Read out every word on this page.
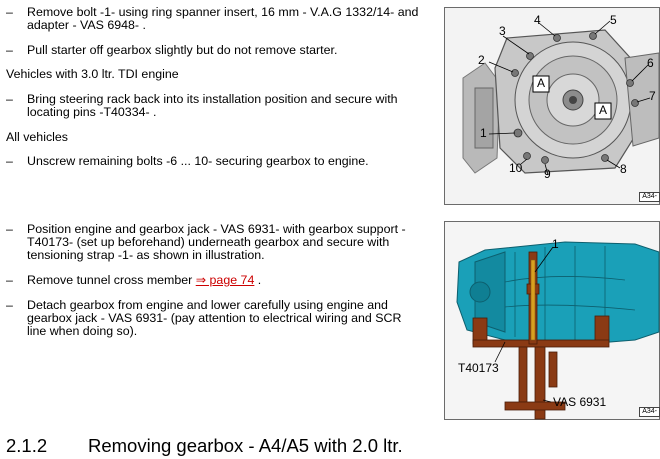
– Remove bolt -1- using ring spanner insert, 16 mm - V.A.G 1332/14- and adapter - VAS 6948- .
– Pull starter off gearbox slightly but do not remove starter.
Vehicles with 3.0 ltr. TDI engine
– Bring steering rack back into its installation position and secure with locating pins -T40334- .
All vehicles
– Unscrew remaining bolts -6 ... 10- securing gearbox to engine.
– Position engine and gearbox jack - VAS 6931- with gearbox support - T40173- (set up beforehand) underneath gearbox and secure with tensioning strap -1- as shown in illustration.
– Remove tunnel cross member ⇒ page 74 .
– Detach gearbox from engine and lower carefully using engine and gearbox jack - VAS 6931- (pay attention to electrical wiring and SCR line when doing so).
2.1.2 Removing gearbox - A4/A5 with 2.0 ltr.
1
2
3
4	5
6
7
8
9
10
A
A
A34-
1
T40173
VAS 6931
A34-
